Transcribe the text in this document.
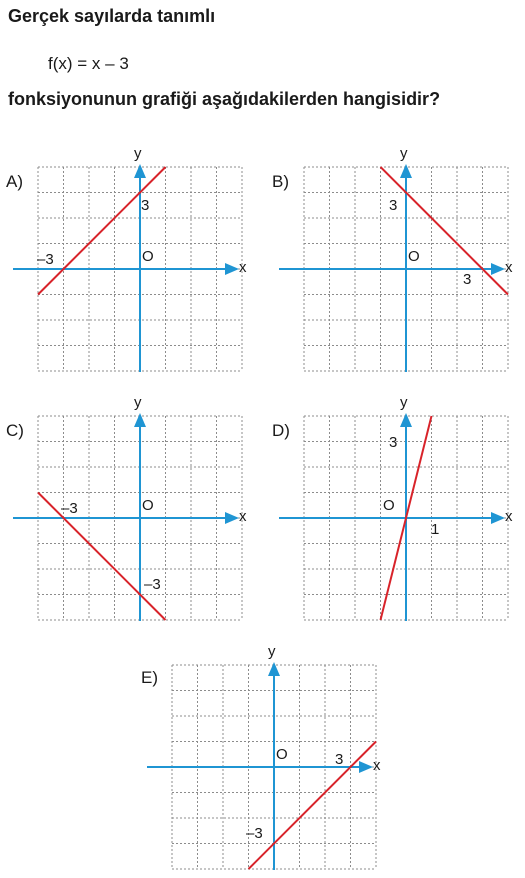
Gerçek sayılarda tanımlı

f(x) = x – 3

fonksiyonunun grafiği aşağıdakilerden hangisidir?

A)
x
y
O
–3
3
B)
x
y
O
3
3
C)
x
y
O
–3
–3
D)
x
y
O
3
1
E)
x
y
O	3
–3
